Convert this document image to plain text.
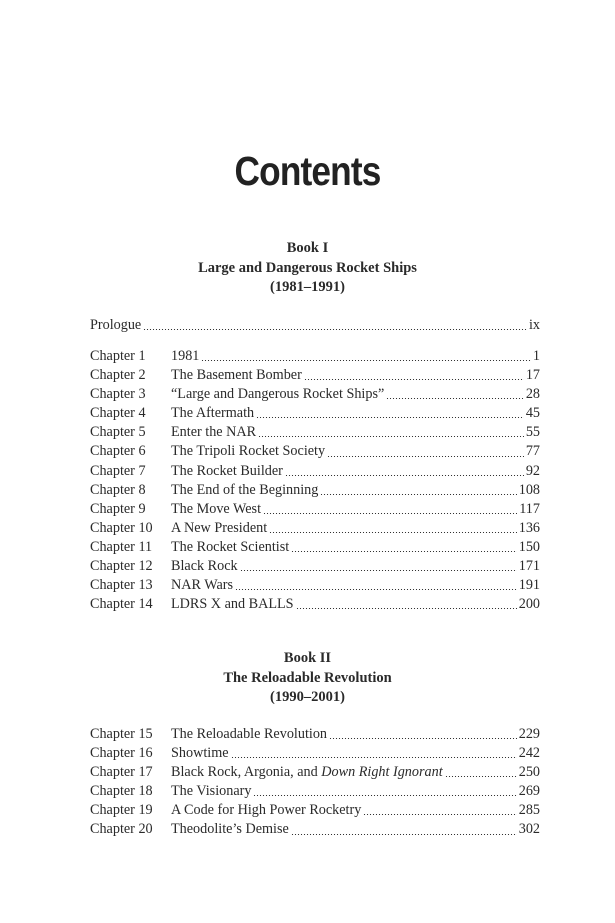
Contents
Book I
Large and Dangerous Rocket Ships
(1981–1991)
Prologue	ix
Chapter 1	1981	1
Chapter 2	The Basement Bomber	17
Chapter 3	“Large and Dangerous Rocket Ships”	28
Chapter 4	The Aftermath	45
Chapter 5	Enter the NAR	55
Chapter 6	The Tripoli Rocket Society	77
Chapter 7	The Rocket Builder	92
Chapter 8	The End of the Beginning	108
Chapter 9	The Move West	117
Chapter 10	A New President	136
Chapter 11	The Rocket Scientist	150
Chapter 12	Black Rock	171
Chapter 13	NAR Wars	191
Chapter 14	LDRS X and BALLS	200
Book II
The Reloadable Revolution
(1990–2001)
Chapter 15	The Reloadable Revolution	229
Chapter 16	Showtime	242
Chapter 17	Black Rock, Argonia, and Down Right Ignorant	250
Chapter 18	The Visionary	269
Chapter 19	A Code for High Power Rocketry	285
Chapter 20	Theodolite’s Demise	302
